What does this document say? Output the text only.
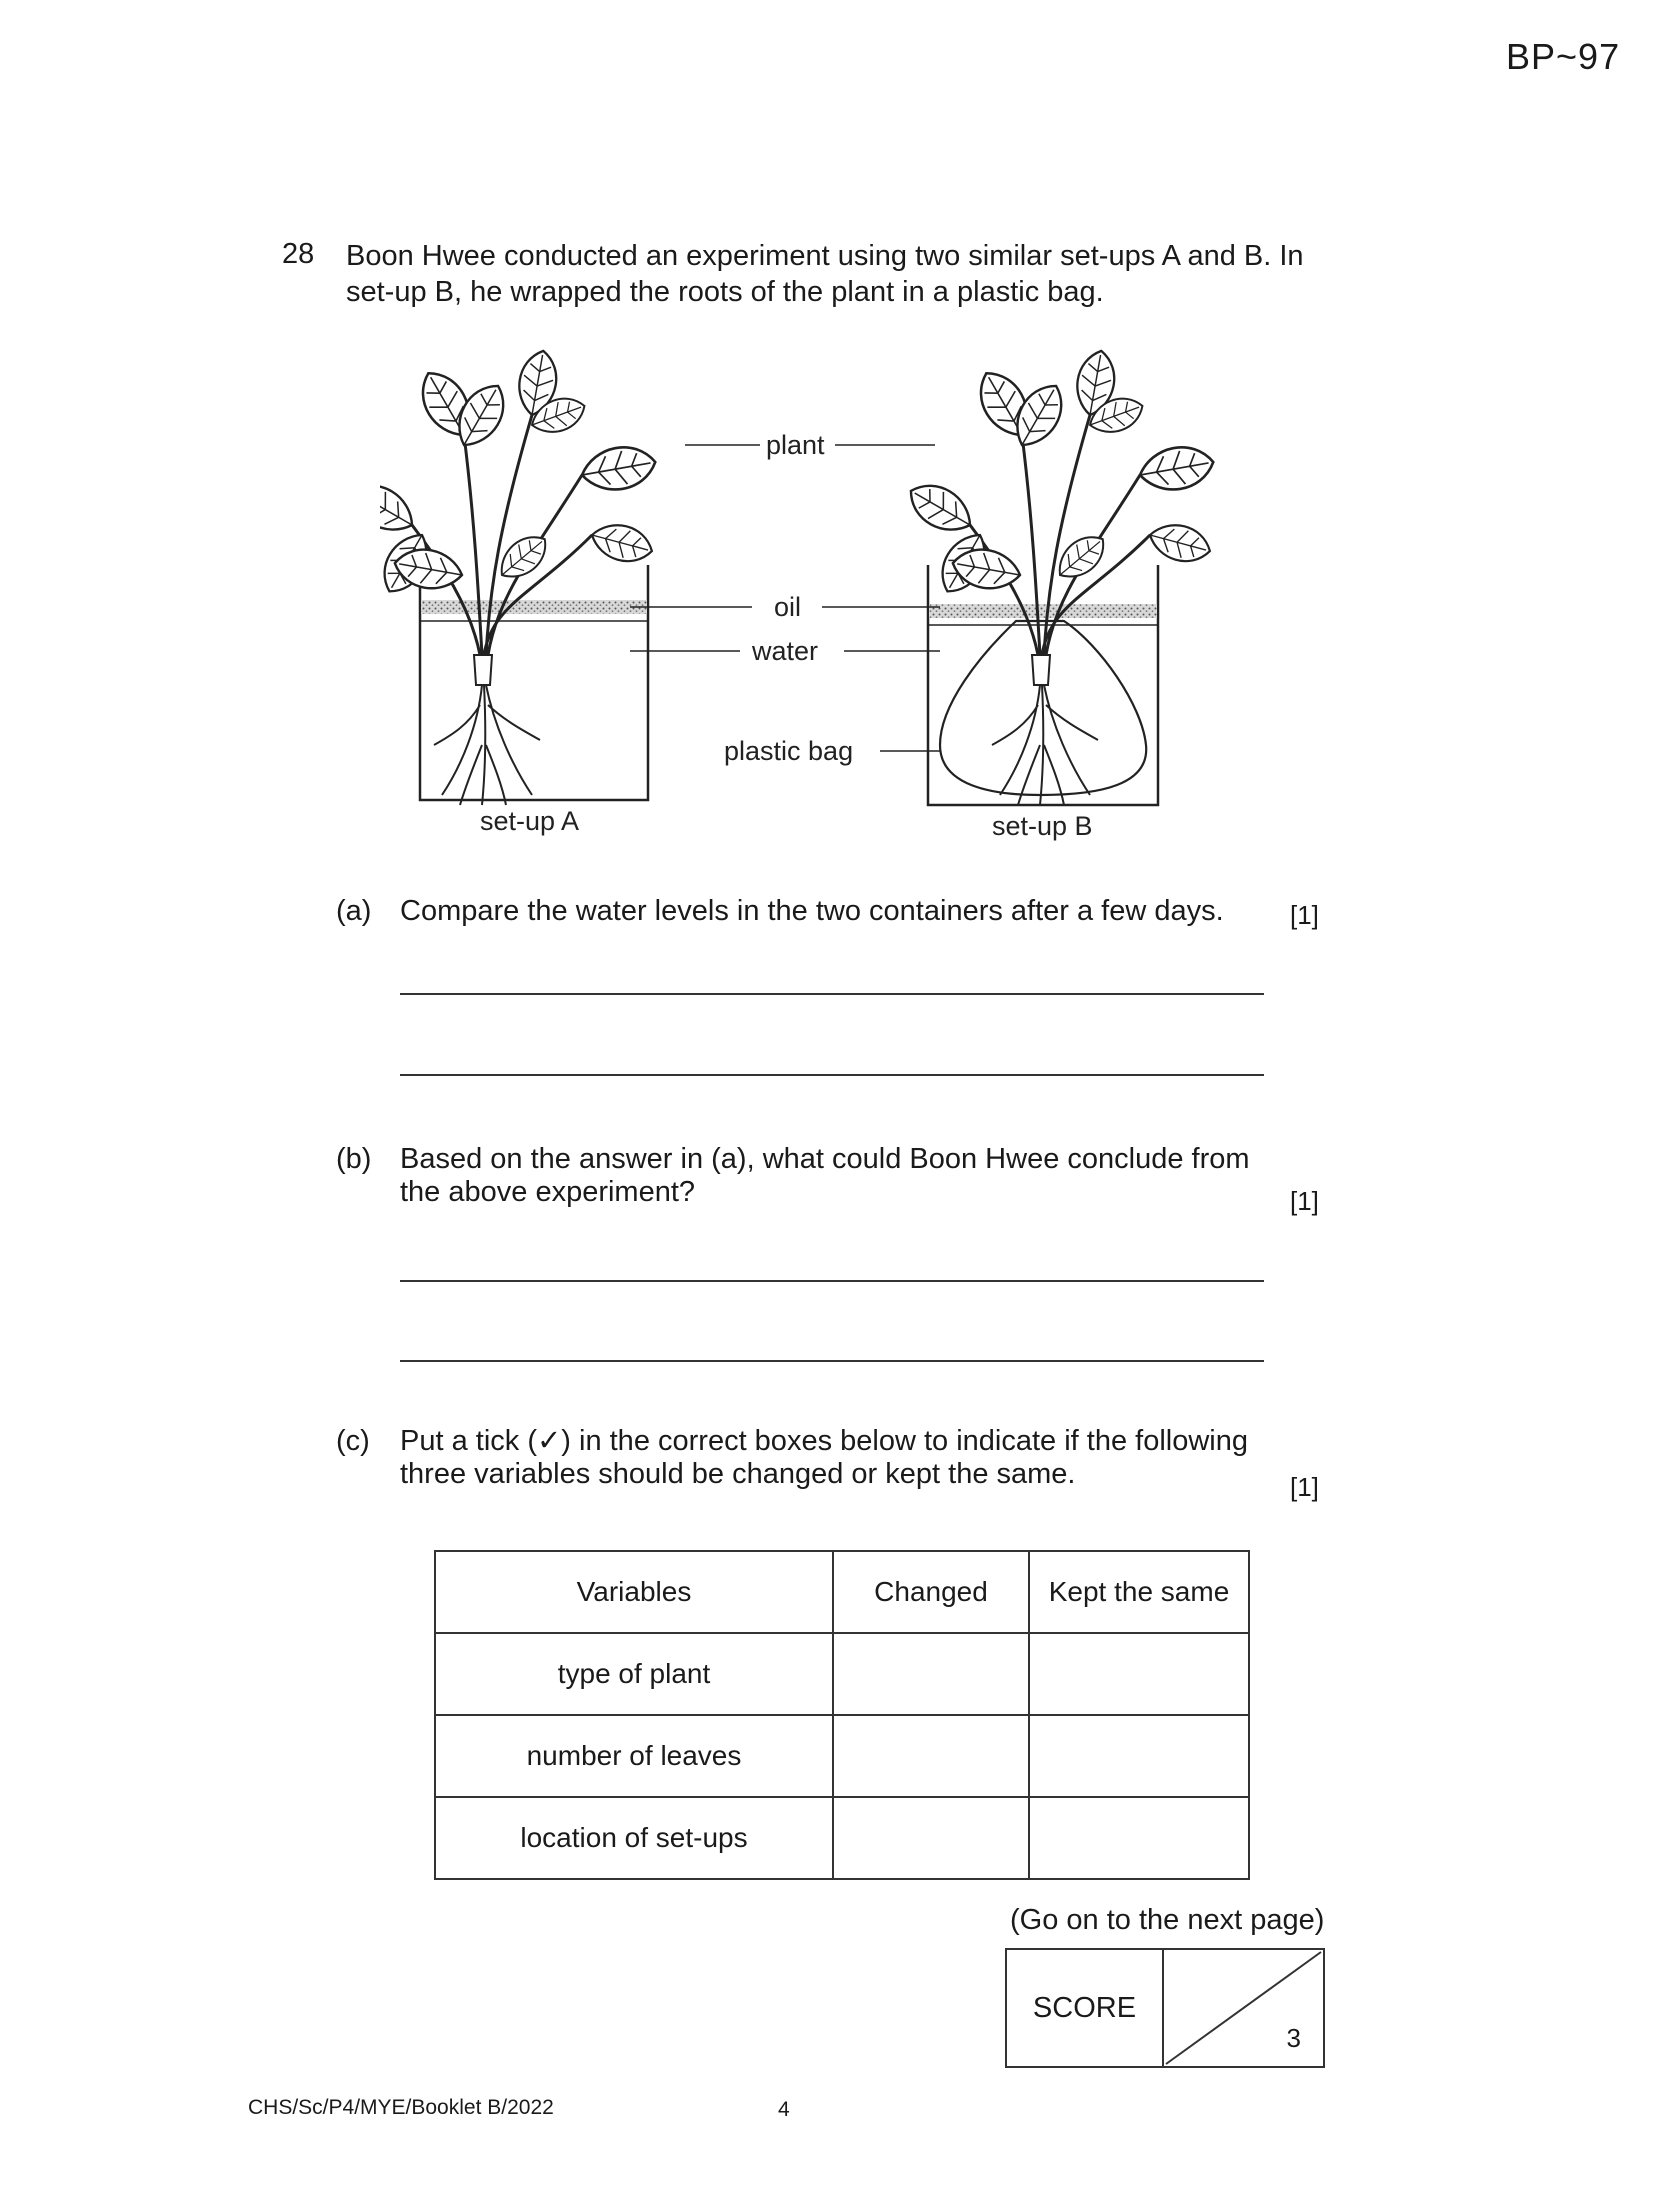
BP~97
28 Boon Hwee conducted an experiment using two similar set-ups A and B. In set-up B, he wrapped the roots of the plant in a plastic bag.
plant
oil
water
plastic bag
set-up A	set-up B
(a) Compare the water levels in the two containers after a few days.	[1]
(b) Based on the answer in (a), what could Boon Hwee conclude from the above experiment?	[1]
(c) Put a tick (✓) in the correct boxes below to indicate if the following three variables should be changed or kept the same.	[1]
Variables	Changed	Kept the same
type of plant		
number of leaves		
location of set-ups		
(Go on to the next page)
SCORE
3
CHS/Sc/P4/MYE/Booklet B/2022	4
